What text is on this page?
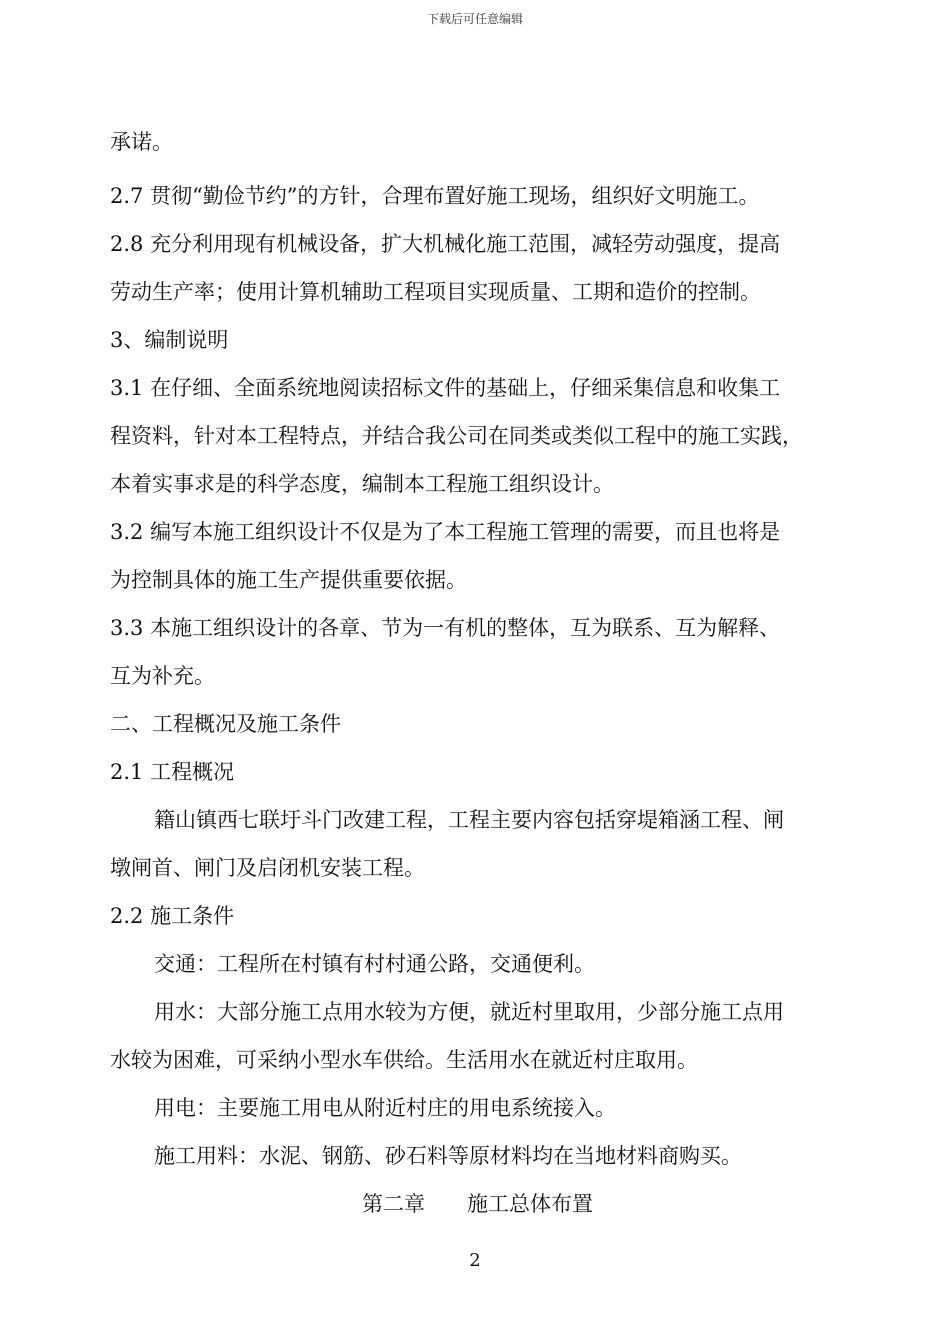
下载后可任意编辑
承诺。
2.7 贯彻“勤俭节约”的方针，合理布置好施工现场，组织好文明施工。
2.8 充分利用现有机械设备，扩大机械化施工范围，减轻劳动强度，提高
劳动生产率；使用计算机辅助工程项目实现质量、工期和造价的控制。
3、编制说明
3.1 在仔细、全面系统地阅读招标文件的基础上，仔细采集信息和收集工
程资料，针对本工程特点，并结合我公司在同类或类似工程中的施工实践，
本着实事求是的科学态度，编制本工程施工组织设计。
3.2 编写本施工组织设计不仅是为了本工程施工管理的需要，而且也将是
为控制具体的施工生产提供重要依据。
3.3 本施工组织设计的各章、节为一有机的整体，互为联系、互为解释、
互为补充。
二、工程概况及施工条件
2.1 工程概况
籍山镇西七联圩斗门改建工程，工程主要内容包括穿堤箱涵工程、闸
墩闸首、闸门及启闭机安装工程。
2.2 施工条件
交通：工程所在村镇有村村通公路，交通便利。
用水：大部分施工点用水较为方便，就近村里取用，少部分施工点用
水较为困难，可采纳小型水车供给。生活用水在就近村庄取用。
用电：主要施工用电从附近村庄的用电系统接入。
施工用料：水泥、钢筋、砂石料等原材料均在当地材料商购买。
第二章　　施工总体布置
2
